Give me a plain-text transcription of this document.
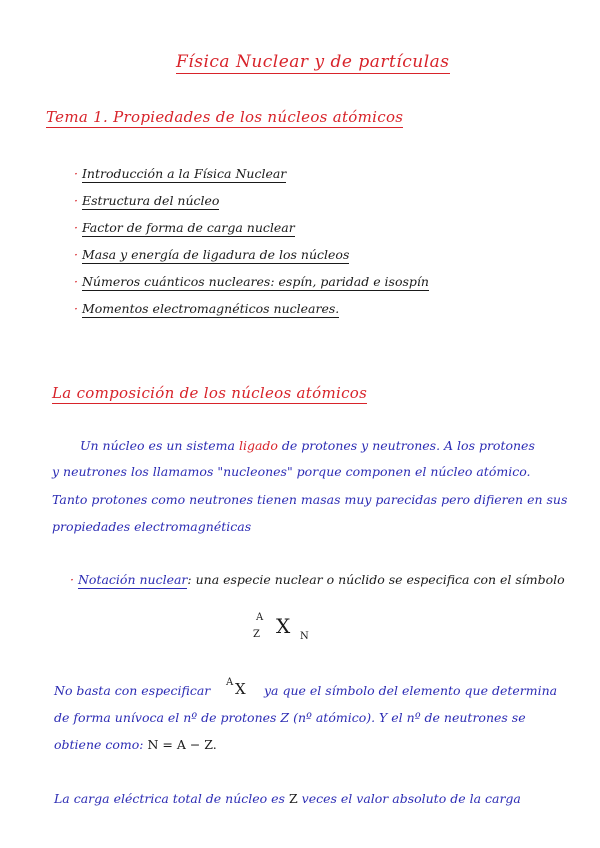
Física Nuclear y de partículas
Tema 1. Propiedades de los núcleos atómicos
· Introducción a la Física Nuclear
· Estructura del núcleo
· Factor de forma de carga nuclear
· Masa y energía de ligadura de los núcleos
· Números cuánticos nucleares: espín, paridad e isospín
· Momentos electromagnéticos nucleares.
La composición de los núcleos atómicos
Un núcleo es un sistema ligado de protones y neutrones. A los protones
y neutrones los llamamos "nucleones" porque componen el núcleo atómico.
Tanto protones como neutrones tienen masas muy parecidas pero difieren en sus
propiedades electromagnéticas
· Notación nuclear: una especie nuclear o núclido se especifica con el símbolo
A
Z X N
No basta con especificar
A X ya que el símbolo del elemento que determina
de forma unívoca el nº de protones Z (nº atómico). Y el nº de neutrones se
obtiene como: N = A − Z.
La carga eléctrica total de núcleo es Z veces el valor absoluto de la carga
